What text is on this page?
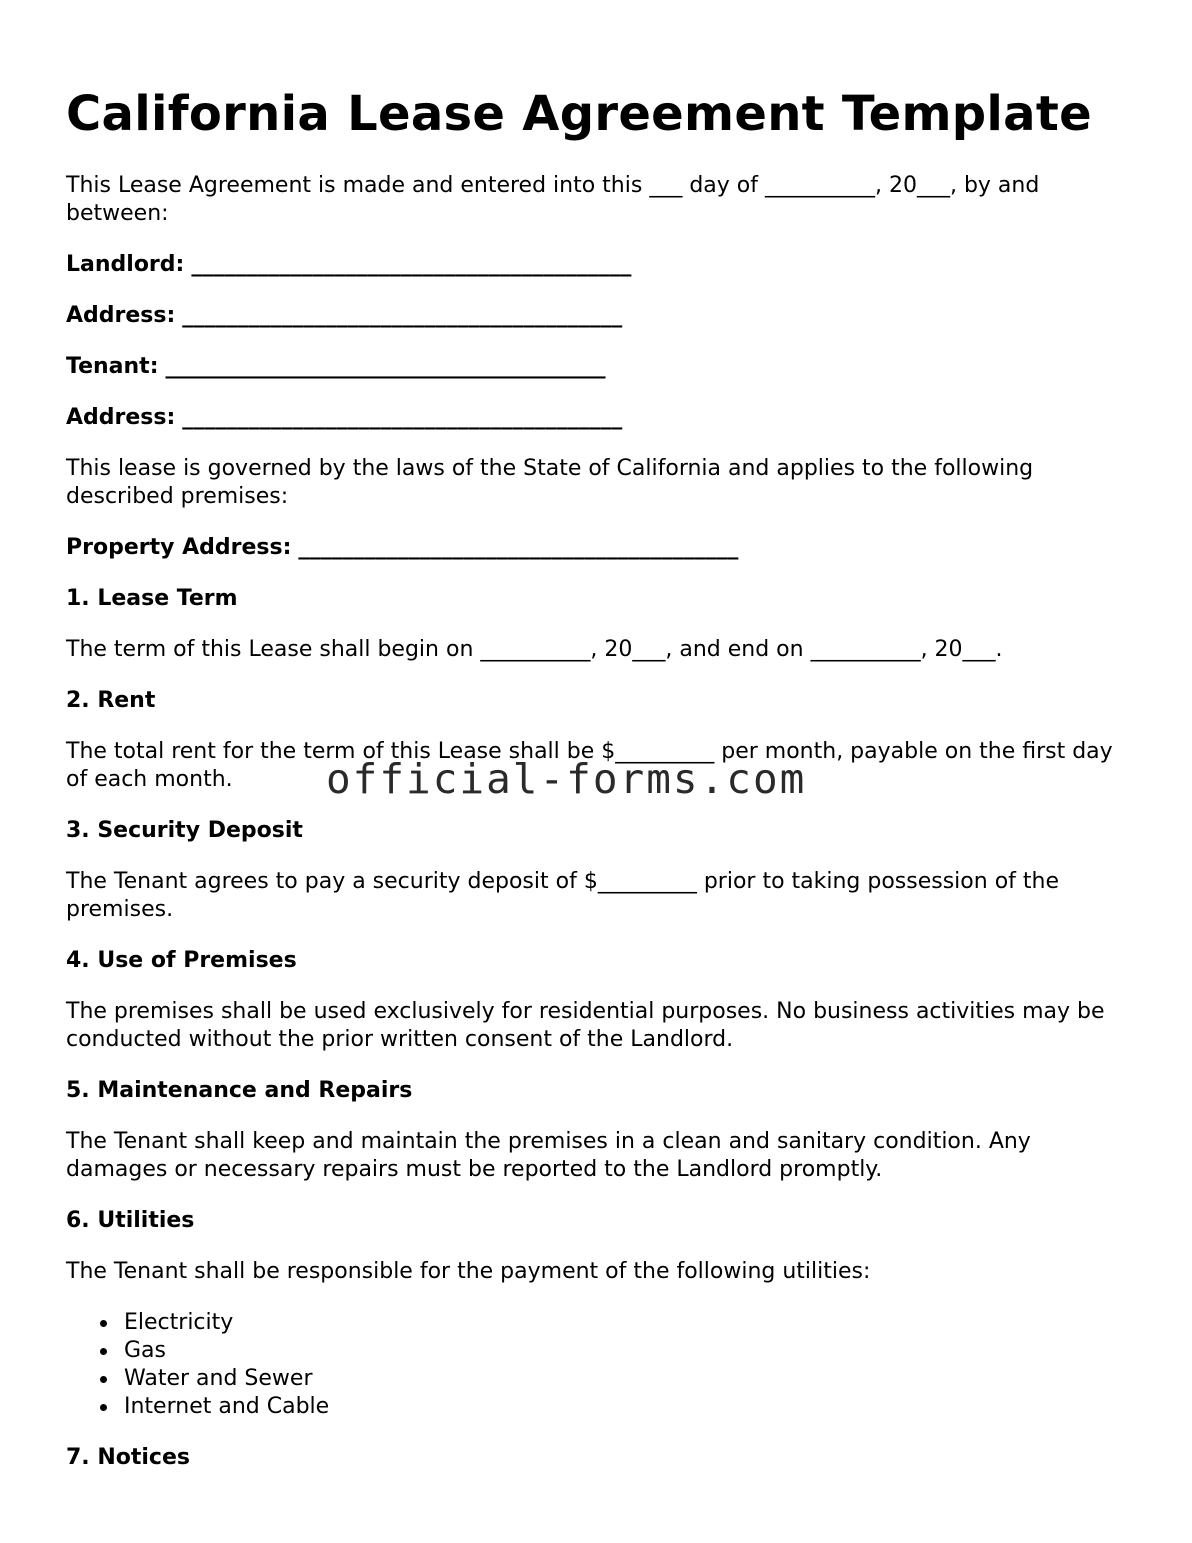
California Lease Agreement Template

This Lease Agreement is made and entered into this ___ day of __________, 20___, by and between:

Landlord: ________________________________________
Address: ________________________________________
Tenant: ________________________________________
Address: ________________________________________

This lease is governed by the laws of the State of California and applies to the following described premises:

Property Address: ________________________________________
1. Lease Term

The term of this Lease shall begin on __________, 20___, and end on __________, 20___.

2. Rent

The total rent for the term of this Lease shall be $_________ per month, payable on the first day of each month.

3. Security Deposit

The Tenant agrees to pay a security deposit of $_________ prior to taking possession of the premises.

4. Use of Premises

The premises shall be used exclusively for residential purposes. No business activities may be conducted without the prior written consent of the Landlord.

5. Maintenance and Repairs

The Tenant shall keep and maintain the premises in a clean and sanitary condition. Any damages or necessary repairs must be reported to the Landlord promptly.

6. Utilities

The Tenant shall be responsible for the payment of the following utilities:

Electricity
Gas
Water and Sewer
Internet and Cable
7. Notices
official-forms.com
